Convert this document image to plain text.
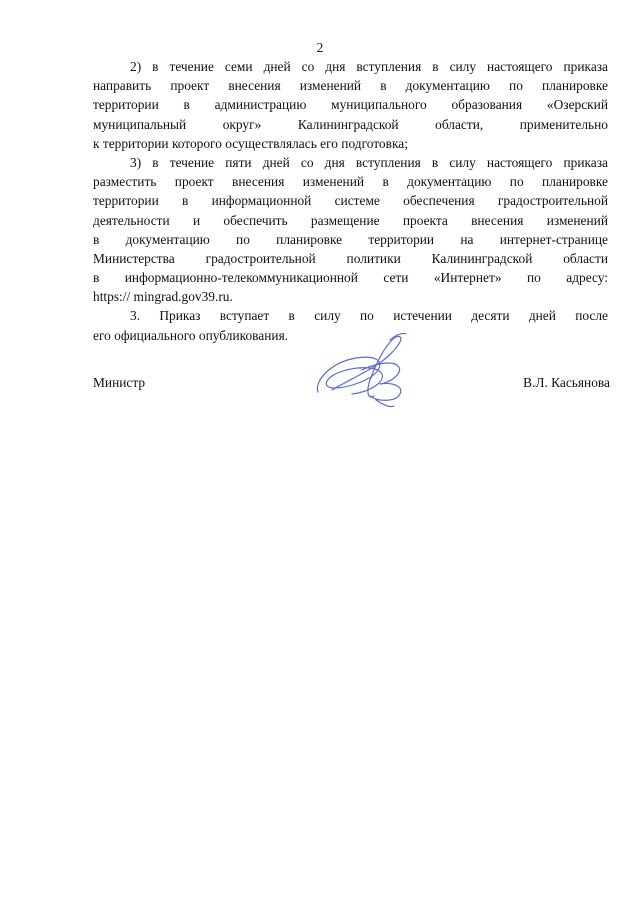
2
2) в течение семи дней со дня вступления в силу настоящего приказа
направить проект внесения изменений в документацию по планировке
территории в администрацию муниципального образования «Озерский
муниципальный округ» Калининградской области, применительно
к территории которого осуществлялась его подготовка;
3) в течение пяти дней со дня вступления в силу настоящего приказа
разместить проект внесения изменений в документацию по планировке
территории в информационной системе обеспечения градостроительной
деятельности и обеспечить размещение проекта внесения изменений
в документацию по планировке территории на интернет-странице
Министерства градостроительной политики Калининградской области
в информационно-телекоммуникационной сети «Интернет» по адресу:
https:// mingrad.gov39.ru.
3. Приказ вступает в силу по истечении десяти дней после
его официального опубликования.
Министр	В.Л. Касьянова
